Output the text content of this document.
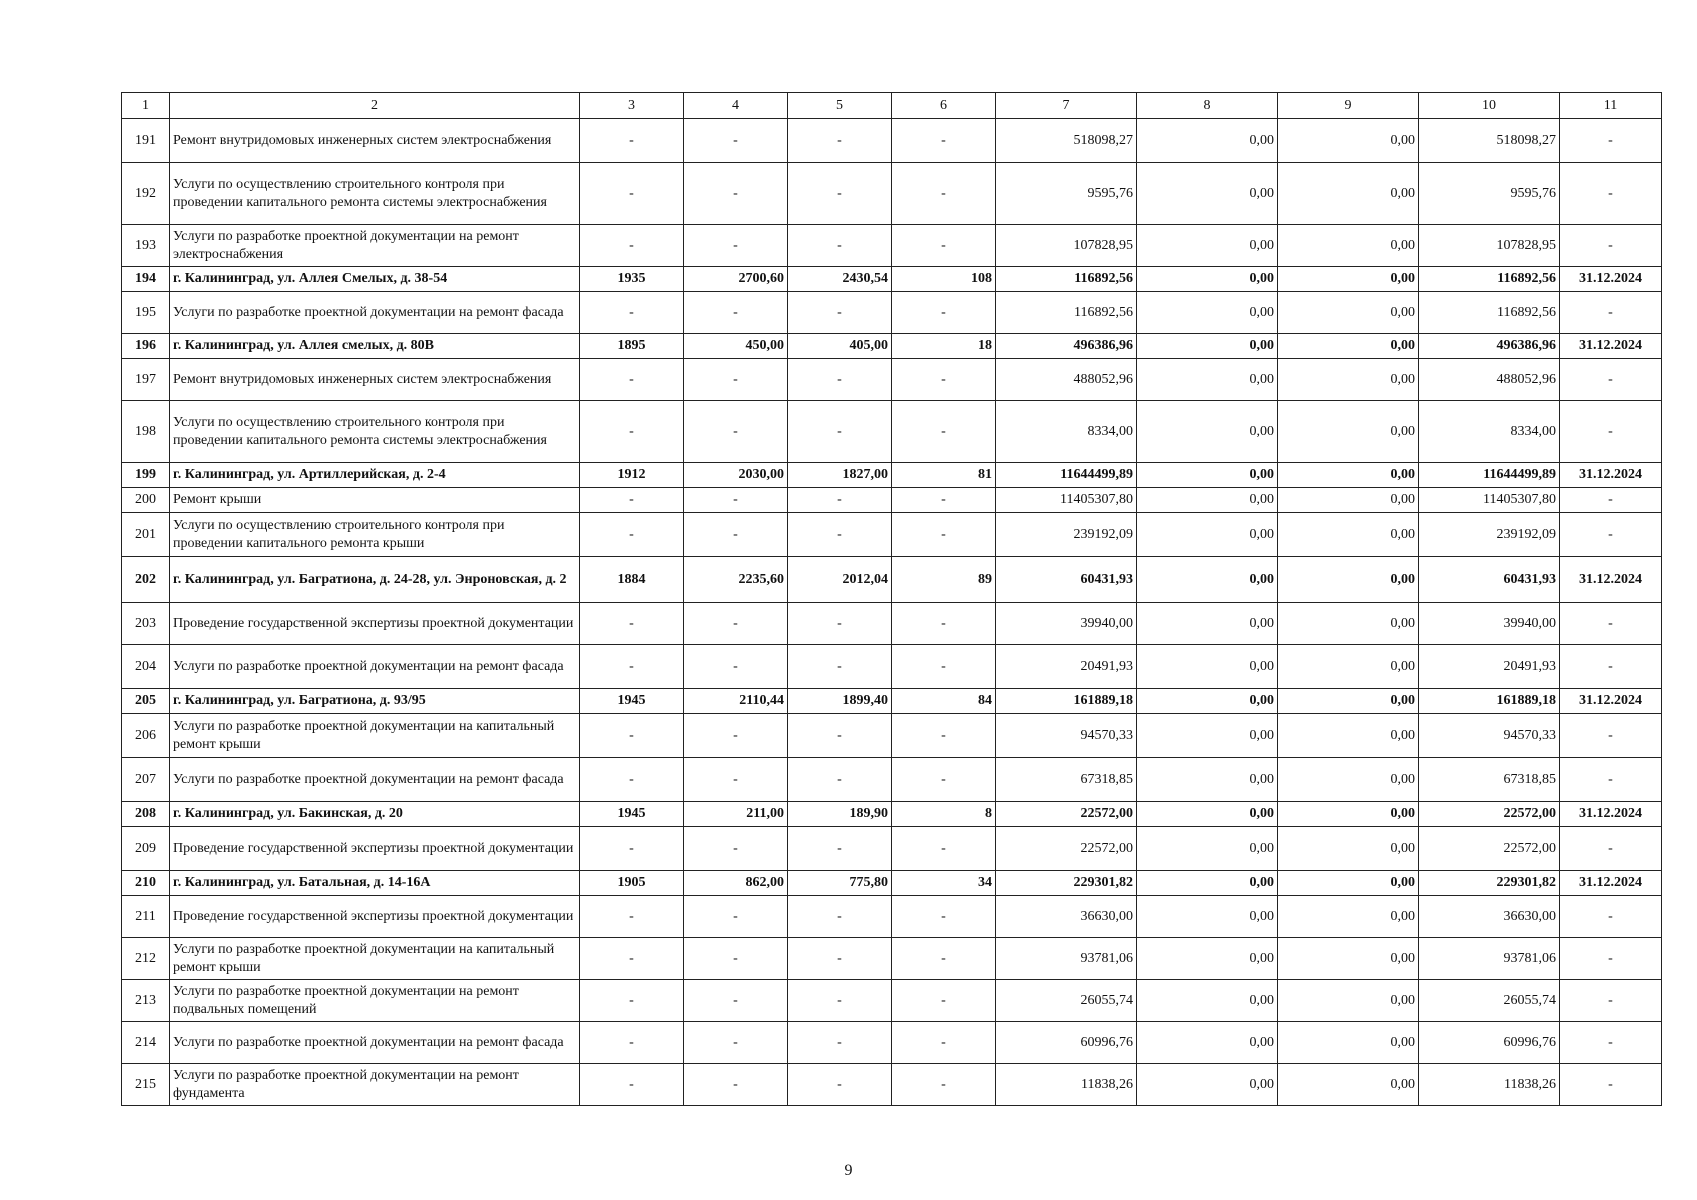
1	2	3	4	5	6	7	8	9	10	11
191	Ремонт внутридомовых инженерных систем электроснабжения	-	-	-	-	518098,27	0,00	0,00	518098,27	-
192	Услуги по осуществлению строительного контроля при проведении капитального ремонта системы электроснабжения	-	-	-	-	9595,76	0,00	0,00	9595,76	-
193	Услуги по разработке проектной документации на ремонт электроснабжения	-	-	-	-	107828,95	0,00	0,00	107828,95	-
194	г. Калининград, ул. Аллея Смелых, д. 38-54	1935	2700,60	2430,54	108	116892,56	0,00	0,00	116892,56	31.12.2024
195	Услуги по разработке проектной документации на ремонт фасада	-	-	-	-	116892,56	0,00	0,00	116892,56	-
196	г. Калининград, ул. Аллея смелых, д. 80В	1895	450,00	405,00	18	496386,96	0,00	0,00	496386,96	31.12.2024
197	Ремонт внутридомовых инженерных систем электроснабжения	-	-	-	-	488052,96	0,00	0,00	488052,96	-
198	Услуги по осуществлению строительного контроля при проведении капитального ремонта системы электроснабжения	-	-	-	-	8334,00	0,00	0,00	8334,00	-
199	г. Калининград, ул. Артиллерийская, д. 2-4	1912	2030,00	1827,00	81	11644499,89	0,00	0,00	11644499,89	31.12.2024
200	Ремонт крыши	-	-	-	-	11405307,80	0,00	0,00	11405307,80	-
201	Услуги по осуществлению строительного контроля при проведении капитального ремонта крыши	-	-	-	-	239192,09	0,00	0,00	239192,09	-
202	г. Калининград, ул. Багратиона, д. 24-28, ул. Энроновская, д. 2	1884	2235,60	2012,04	89	60431,93	0,00	0,00	60431,93	31.12.2024
203	Проведение государственной экспертизы проектной документации	-	-	-	-	39940,00	0,00	0,00	39940,00	-
204	Услуги по разработке проектной документации на ремонт фасада	-	-	-	-	20491,93	0,00	0,00	20491,93	-
205	г. Калининград, ул. Багратиона, д. 93/95	1945	2110,44	1899,40	84	161889,18	0,00	0,00	161889,18	31.12.2024
206	Услуги по разработке проектной документации на капитальный ремонт крыши	-	-	-	-	94570,33	0,00	0,00	94570,33	-
207	Услуги по разработке проектной документации на ремонт фасада	-	-	-	-	67318,85	0,00	0,00	67318,85	-
208	г. Калининград, ул. Бакинская, д. 20	1945	211,00	189,90	8	22572,00	0,00	0,00	22572,00	31.12.2024
209	Проведение государственной экспертизы проектной документации	-	-	-	-	22572,00	0,00	0,00	22572,00	-
210	г. Калининград, ул. Батальная, д. 14-16А	1905	862,00	775,80	34	229301,82	0,00	0,00	229301,82	31.12.2024
211	Проведение государственной экспертизы проектной документации	-	-	-	-	36630,00	0,00	0,00	36630,00	-
212	Услуги по разработке проектной документации на капитальный ремонт крыши	-	-	-	-	93781,06	0,00	0,00	93781,06	-
213	Услуги по разработке проектной документации на ремонт подвальных помещений	-	-	-	-	26055,74	0,00	0,00	26055,74	-
214	Услуги по разработке проектной документации на ремонт фасада	-	-	-	-	60996,76	0,00	0,00	60996,76	-
215	Услуги по разработке проектной документации на ремонт фундамента	-	-	-	-	11838,26	0,00	0,00	11838,26	-
9
